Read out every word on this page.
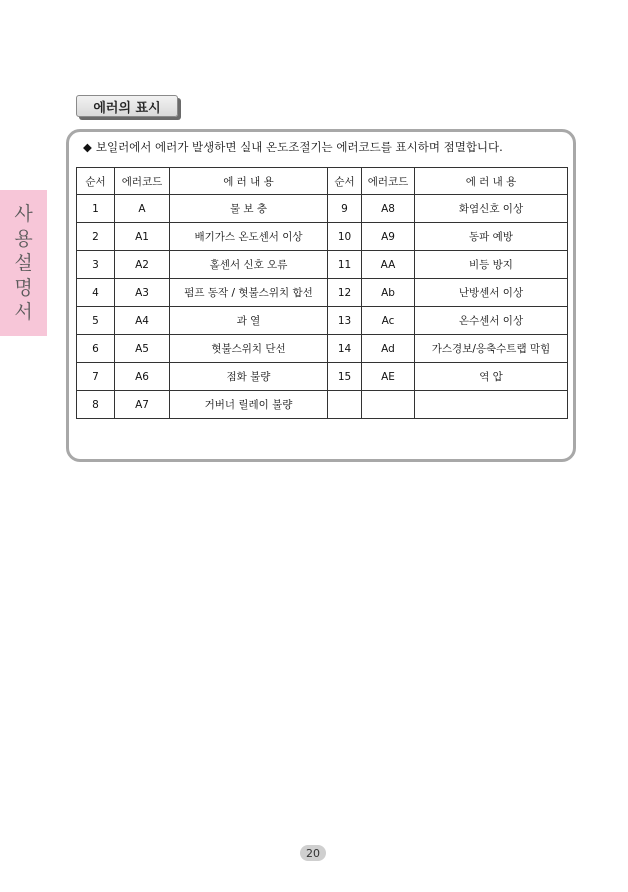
사
용
설
명
서
에러의 표시
◆ 보일러에서 에러가 발생하면 실내 온도조절기는 에러코드를 표시하며 점멸합니다.
순서	에러코드	에 러 내 용	순서	에러코드	에 러 내 용
1	A	물 보 충	9	A8	화염신호 이상
2	A1	배기가스 온도센서 이상	10	A9	동파 예방
3	A2	홀센서 신호 오류	11	AA	비등 방지
4	A3	펌프 동작 / 혓불스위치 합선	12	Ab	난방센서 이상
5	A4	과 열	13	Ac	온수센서 이상
6	A5	혓불스위치 단선	14	Ad	가스경보/응축수트랩 막힘
7	A6	점화 불량	15	AE	역 압
8	A7	거버너 릴레이 불량			
20
